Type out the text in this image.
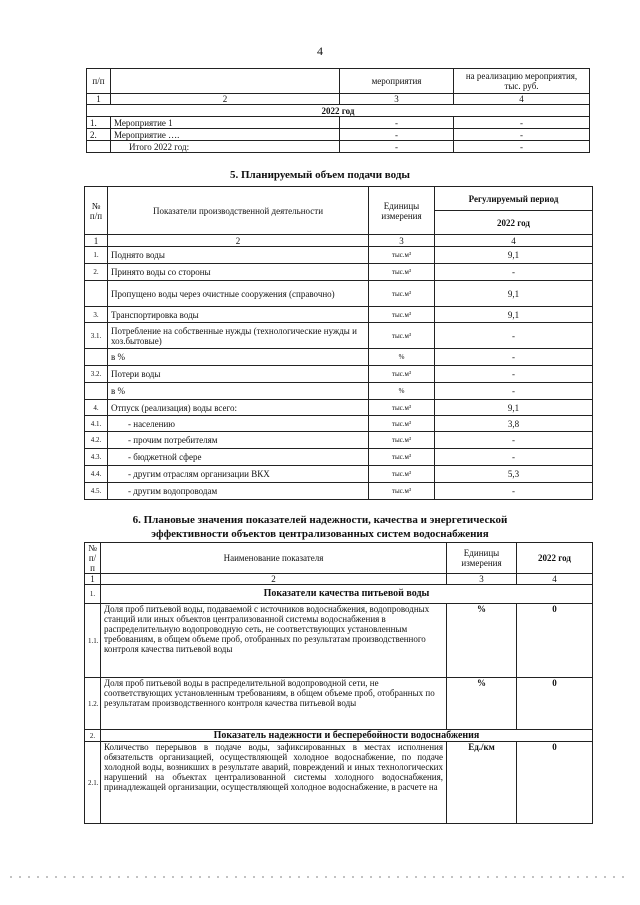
4
п/п		мероприятия	на реализацию мероприятия, тыс. руб.
1	2	3	4
2022 год			
1.	Мероприятие 1	-	-
2.	Мероприятие ….	-	-
	Итого 2022 год:	-	-
5. Планируемый объем подачи воды
№ п/п	Показатели производственной деятельности	Единицы измерения	Регулируемый период
			2022 год
1	2	3	4
1.	Поднято воды	тыс.м³	9,1
2.	Принято воды со стороны	тыс.м³	-
	Пропущено воды через очистные сооружения (справочно)	тыс.м³	9,1
3.	Транспортировка воды	тыс.м³	9,1
3.1.	Потребление на собственные нужды (технологические нужды и хоз.бытовые)	тыс.м³	-
	в %	%	-
3.2.	Потери воды	тыс.м³	-
	в %	%	-
4.	Отпуск (реализация) воды всего:	тыс.м³	9,1
4.1.	- населению	тыс.м³	3,8
4.2.	- прочим потребителям	тыс.м³	-
4.3.	- бюджетной сфере	тыс.м³	-
4.4.	- другим отраслям организации ВКХ	тыс.м³	5,3
4.5.	- другим водопроводам	тыс.м³	-
6. Плановые значения показателей надежности, качества и энергетической
эффективности объектов централизованных систем водоснабжения
№ п/п	Наименование показателя	Единицы измерения	2022 год
1	2	3	4
1.	Показатели качества питьевой воды		
1.1.	Доля проб питьевой воды, подаваемой с источников водоснабжения, водопроводных станций или иных объектов централизованной системы водоснабжения в распределительную водопроводную сеть, не соответствующих установленным требованиям, в общем объеме проб, отобранных по результатам производственного контроля качества питьевой воды	%	0
1.2.	Доля проб питьевой воды в распределительной водопроводной сети, не соответствующих установленным требованиям, в общем объеме проб, отобранных по результатам производственного контроля качества питьевой воды	%	0
2.	Показатель надежности и бесперебойности водоснабжения		
2.1.	Количество перерывов в подаче воды, зафиксированных в местах исполнения обязательств организацией, осуществляющей холодное водоснабжение, по подаче холодной воды, возникших в результате аварий, повреждений и иных технологических нарушений на объектах централизованной системы холодного водоснабжения, принадлежащей организации, осуществляющей холодное водоснабжение, в расчете на	Ед./км	0
